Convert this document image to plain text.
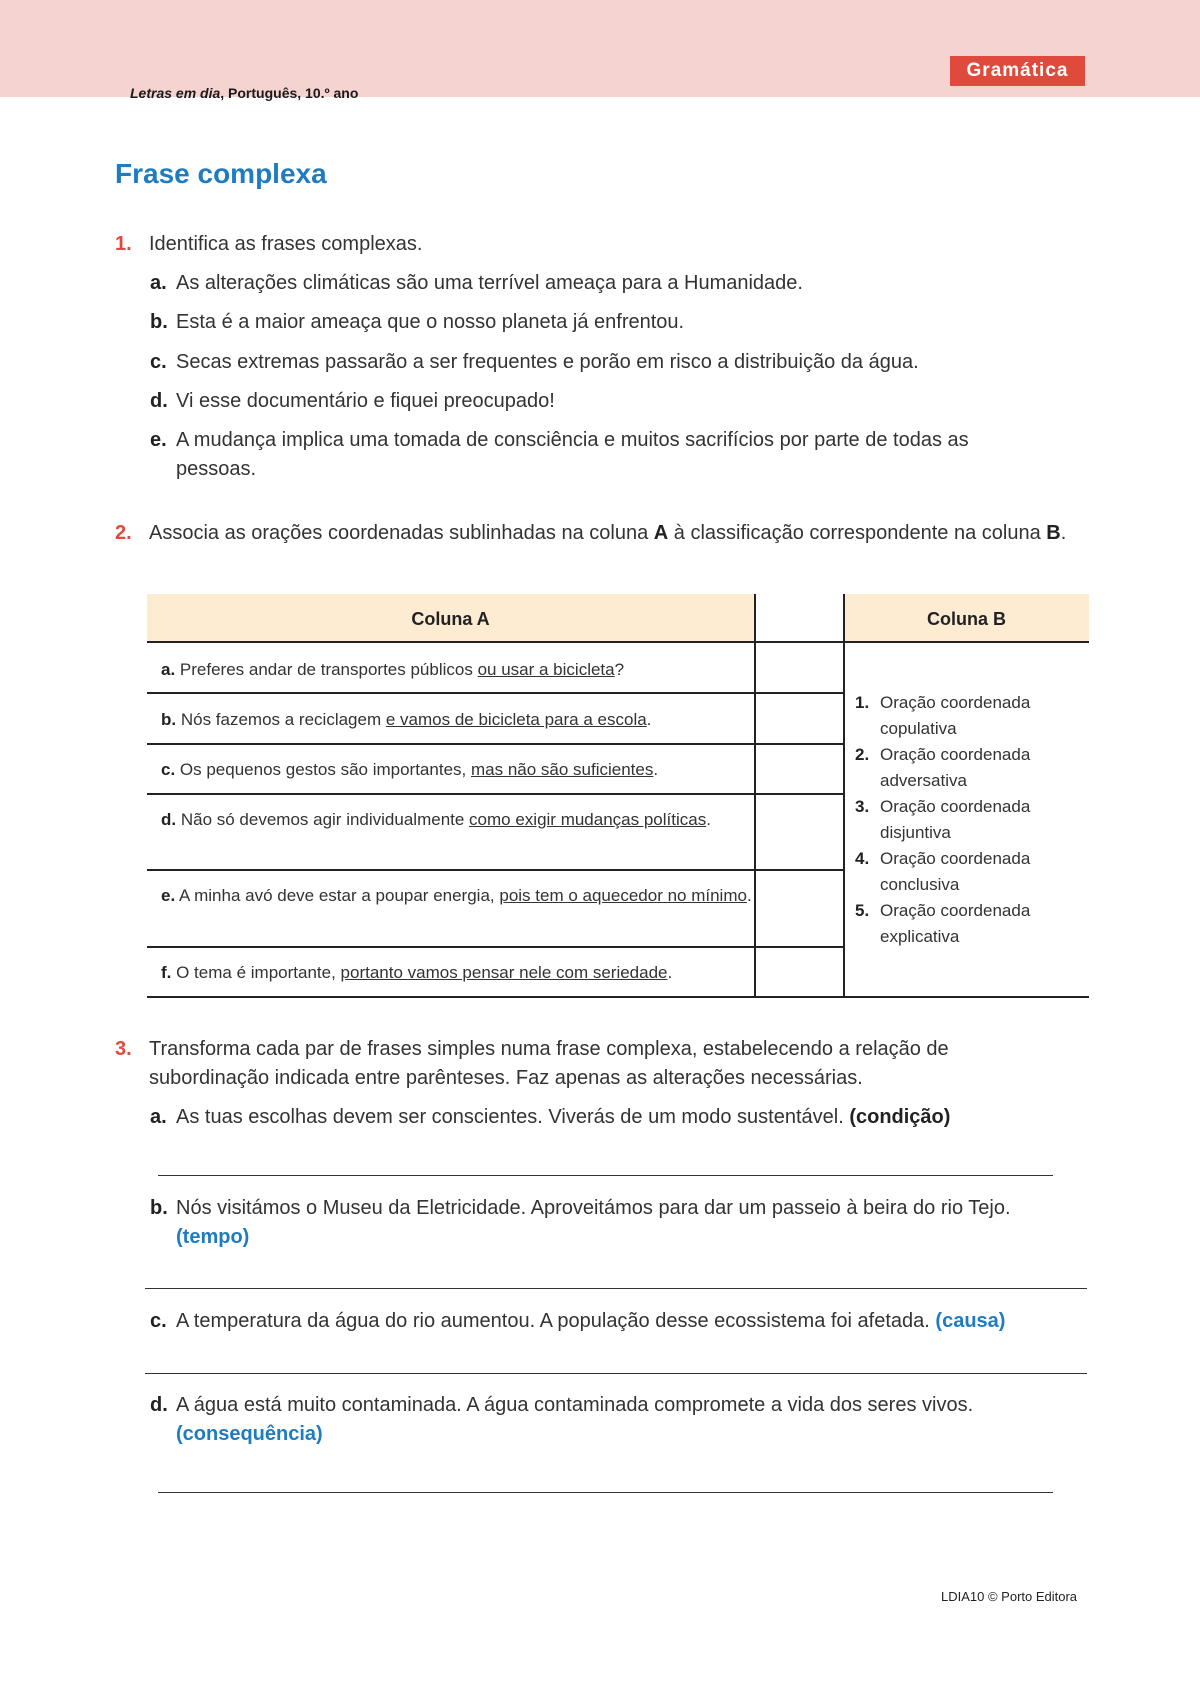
Letras em dia, Português, 10.º ano
Gramática
Frase complexa
1. Identifica as frases complexas.
a. As alterações climáticas são uma terrível ameaça para a Humanidade.
b. Esta é a maior ameaça que o nosso planeta já enfrentou.
c. Secas extremas passarão a ser frequentes e porão em risco a distribuição da água.
d. Vi esse documentário e fiquei preocupado!
e. A mudança implica uma tomada de consciência e muitos sacrifícios por parte de todas as pessoas.
2. Associa as orações coordenadas sublinhadas na coluna A à classificação correspondente na coluna B.
Coluna A	Coluna B
a. Preferes andar de transportes públicos ou usar a bicicleta?
b. Nós fazemos a reciclagem e vamos de bicicleta para a escola.
c. Os pequenos gestos são importantes, mas não são suficientes.
d. Não só devemos agir individualmente como exigir mudanças políticas.
e. A minha avó deve estar a poupar energia, pois tem o aquecedor no mínimo.
f. O tema é importante, portanto vamos pensar nele com seriedade.
1. Oração coordenada copulativa
2. Oração coordenada adversativa
3. Oração coordenada disjuntiva
4. Oração coordenada conclusiva
5. Oração coordenada explicativa
3. Transforma cada par de frases simples numa frase complexa, estabelecendo a relação de subordinação indicada entre parênteses. Faz apenas as alterações necessárias.
a. As tuas escolhas devem ser conscientes. Viverás de um modo sustentável. (condição)
b. Nós visitámos o Museu da Eletricidade. Aproveitámos para dar um passeio à beira do rio Tejo. (tempo)
c. A temperatura da água do rio aumentou. A população desse ecossistema foi afetada. (causa)
d. A água está muito contaminada. A água contaminada compromete a vida dos seres vivos. (consequência)
LDIA10 © Porto Editora
